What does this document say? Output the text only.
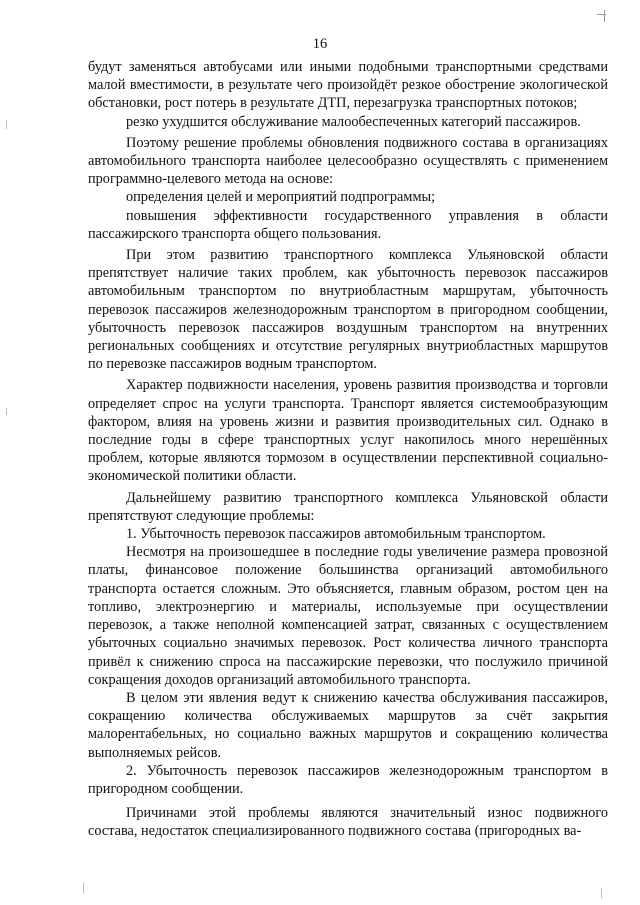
16

будут заменяться автобусами или иными подобными транспортными средствами малой вместимости, в результате чего произойдёт резкое обострение экологической обстановки, рост потерь в результате ДТП, перезагрузка транспортных потоков;

резко ухудшится обслуживание малообеспеченных категорий пассажиров.

Поэтому решение проблемы обновления подвижного состава в организациях автомобильного транспорта наиболее целесообразно осуществлять с применением программно-целевого метода на основе:

определения целей и мероприятий подпрограммы;

повышения эффективности государственного управления в области пассажирского транспорта общего пользования.

При этом развитию транспортного комплекса Ульяновской области препятствует наличие таких проблем, как убыточность перевозок пассажиров автомобильным транспортом по внутриобластным маршрутам, убыточность перевозок пассажиров железнодорожным транспортом в пригородном сообщении, убыточность перевозок пассажиров воздушным транспортом на внутренних региональных сообщениях и отсутствие регулярных внутриобластных маршрутов по перевозке пассажиров водным транспортом.

Характер подвижности населения, уровень развития производства и торговли определяет спрос на услуги транспорта. Транспорт является системообразующим фактором, влияя на уровень жизни и развития производительных сил. Однако в последние годы в сфере транспортных услуг накопилось много нерешённых проблем, которые являются тормозом в осуществлении перспективной социально-экономической политики области.

Дальнейшему развитию транспортного комплекса Ульяновской области препятствуют следующие проблемы:

1. Убыточность перевозок пассажиров автомобильным транспортом.

Несмотря на произошедшее в последние годы увеличение размера провозной платы, финансовое положение большинства организаций автомобильного транспорта остается сложным. Это объясняется, главным образом, ростом цен на топливо, электроэнергию и материалы, используемые при осуществлении перевозок, а также неполной компенсацией затрат, связанных с осуществлением убыточных социально значимых перевозок. Рост количества личного транспорта привёл к снижению спроса на пассажирские перевозки, что послужило причиной сокращения доходов организаций автомобильного транспорта.

В целом эти явления ведут к снижению качества обслуживания пассажиров, сокращению количества обслуживаемых маршрутов за счёт закрытия малорентабельных, но социально важных маршрутов и сокращению количества выполняемых рейсов.

2. Убыточность перевозок пассажиров железнодорожным транспортом в пригородном сообщении.

Причинами этой проблемы являются значительный износ подвижного состава, недостаток специализированного подвижного состава (пригородных ва-
